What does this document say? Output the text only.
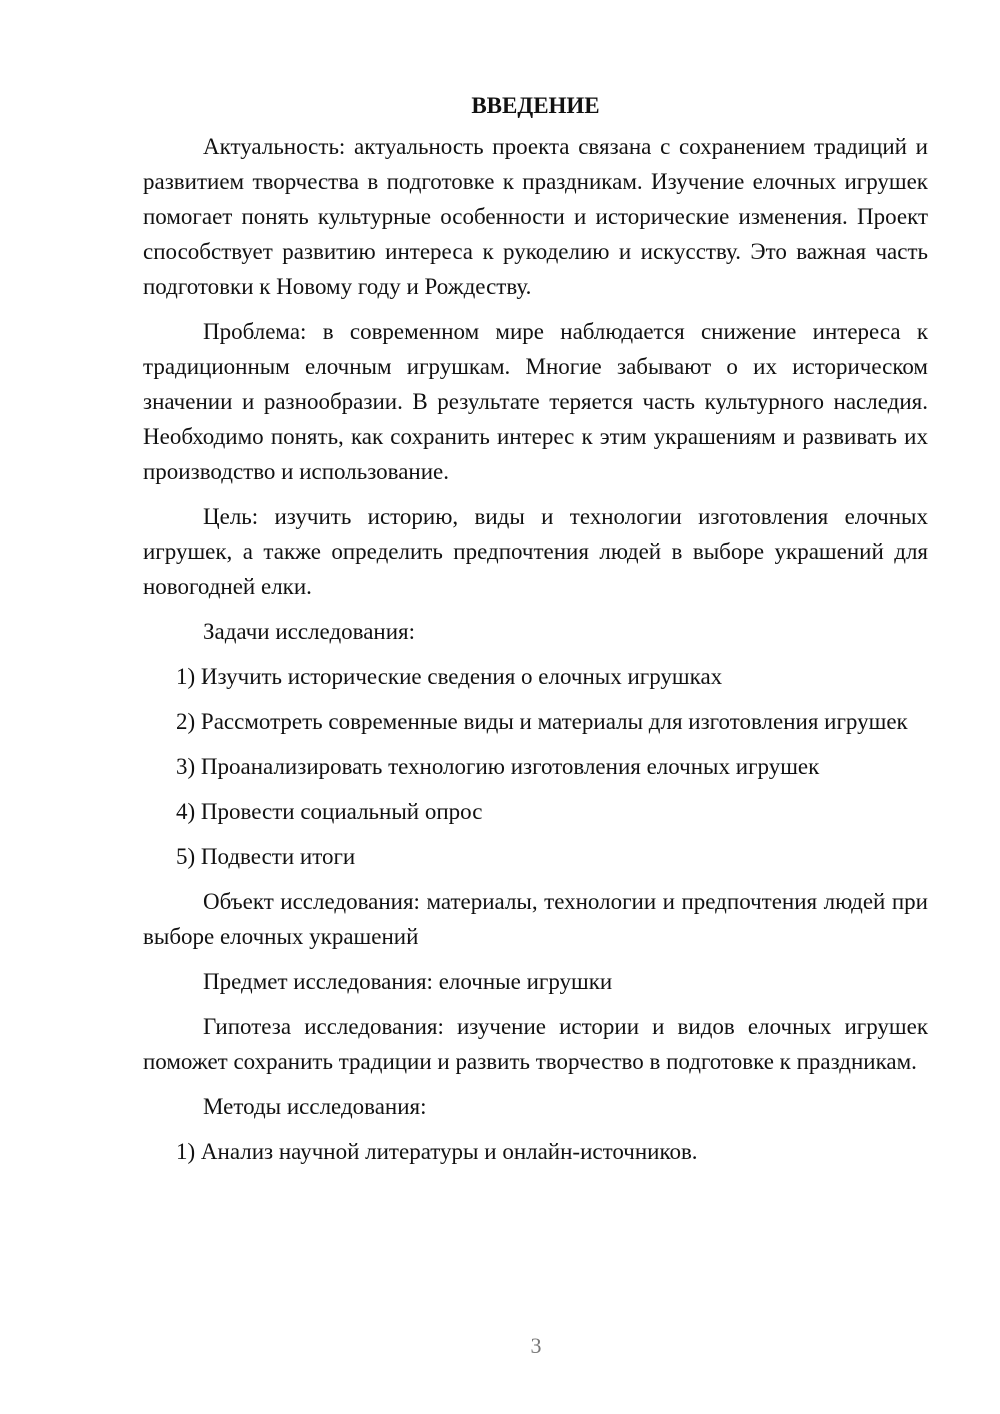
ВВЕДЕНИЕ

Актуальность: актуальность проекта связана с сохранением традиций и развитием творчества в подготовке к праздникам. Изучение елочных игрушек помогает понять культурные особенности и исторические изменения. Проект способствует развитию интереса к рукоделию и искусству. Это важная часть подготовки к Новому году и Рождеству.

Проблема: в современном мире наблюдается снижение интереса к традиционным елочным игрушкам. Многие забывают о их историческом значении и разнообразии. В результате теряется часть культурного наследия. Необходимо понять, как сохранить интерес к этим украшениям и развивать их производство и использование.

Цель: изучить историю, виды и технологии изготовления елочных игрушек, а также определить предпочтения людей в выборе украшений для новогодней елки.

Задачи исследования:

1) Изучить исторические сведения о елочных игрушках

2) Рассмотреть современные виды и материалы для изготовления игрушек

3) Проанализировать технологию изготовления елочных игрушек

4) Провести социальный опрос

5) Подвести итоги

Объект исследования: материалы, технологии и предпочтения людей при выборе елочных украшений

Предмет исследования: елочные игрушки

Гипотеза исследования: изучение истории и видов елочных игрушек поможет сохранить традиции и развить творчество в подготовке к праздникам.

Методы исследования:

1) Анализ научной литературы и онлайн-источников.

3
